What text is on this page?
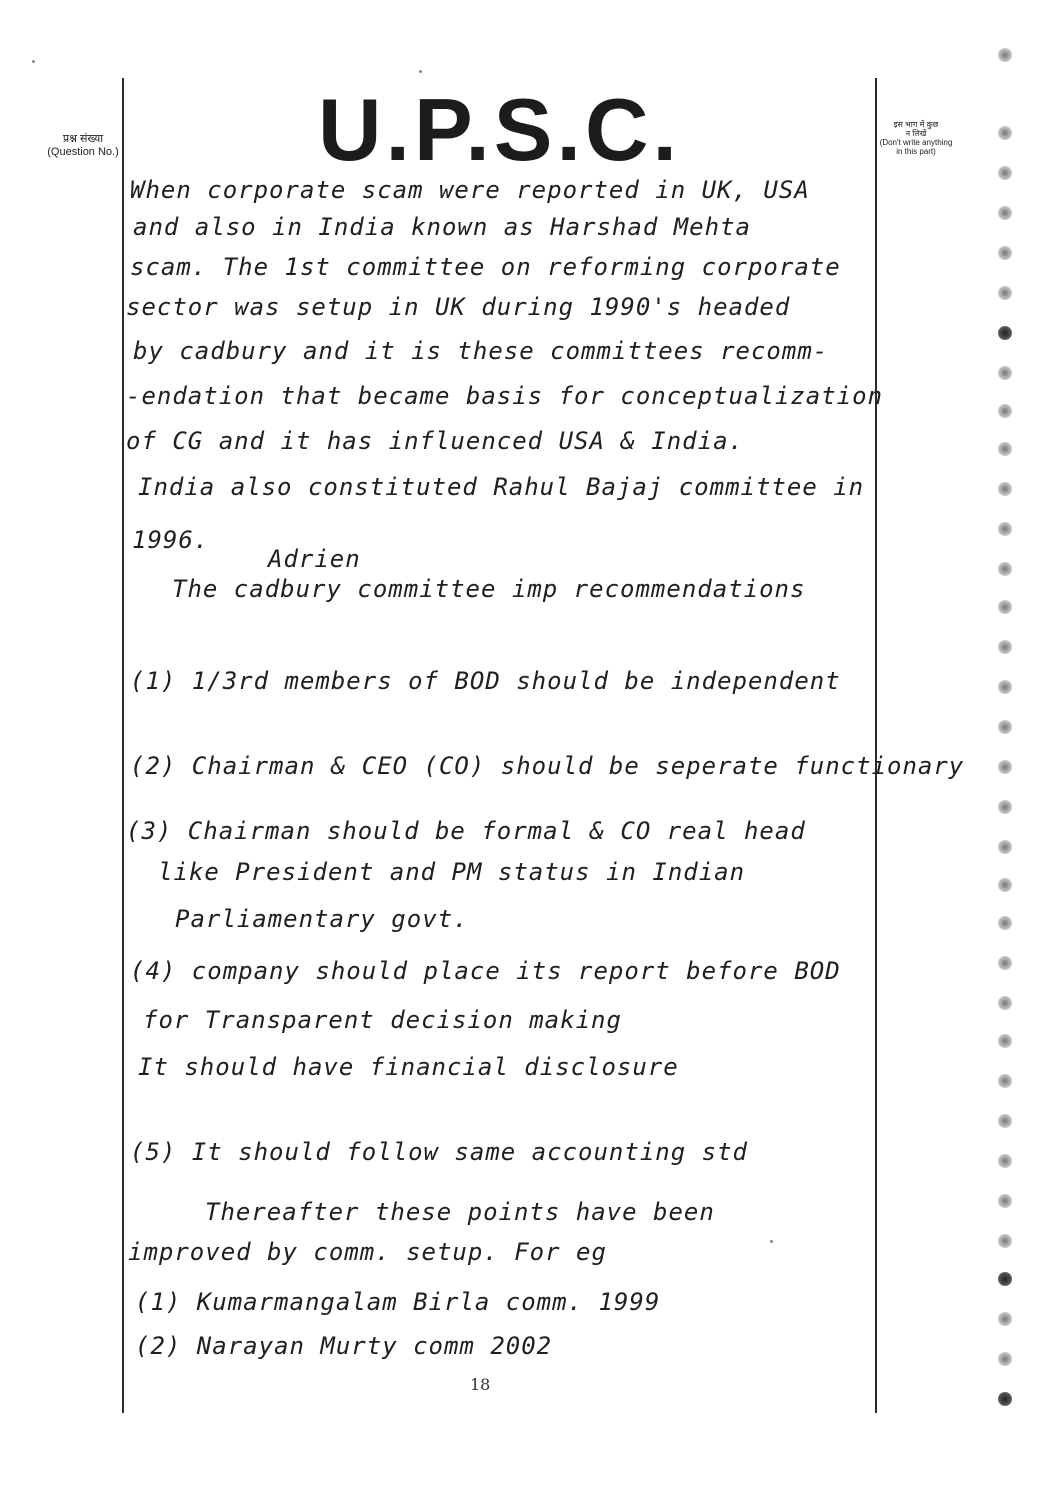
U.P.S.C.
प्रश्न संख्या
(Question No.)
इस भाग में कुछ
न लिखें
(Don't write anything
in this part)
When corporate scam were reported in UK, USA
and also in India known as Harshad Mehta
scam. The 1st committee on reforming corporate
sector was setup in UK during 1990's headed
by cadbury and it is these committees recomm-
-endation that became basis for conceptualization
of CG and it has influenced USA & India.
India also constituted Rahul Bajaj committee in
1996.
Adrien
The cadbury committee imp recommendations
(1) 1/3rd members of BOD should be independent
(2) Chairman & CEO (CO) should be seperate functionary
(3) Chairman should be formal & CO real head
like President and PM status in Indian
Parliamentary govt.
(4) company should place its report before BOD
for Transparent decision making
It should have financial disclosure
(5) It should follow same accounting std
Thereafter these points have been
improved by comm. setup. For eg
(1) Kumarmangalam Birla comm. 1999
(2) Narayan Murty comm 2002
18
